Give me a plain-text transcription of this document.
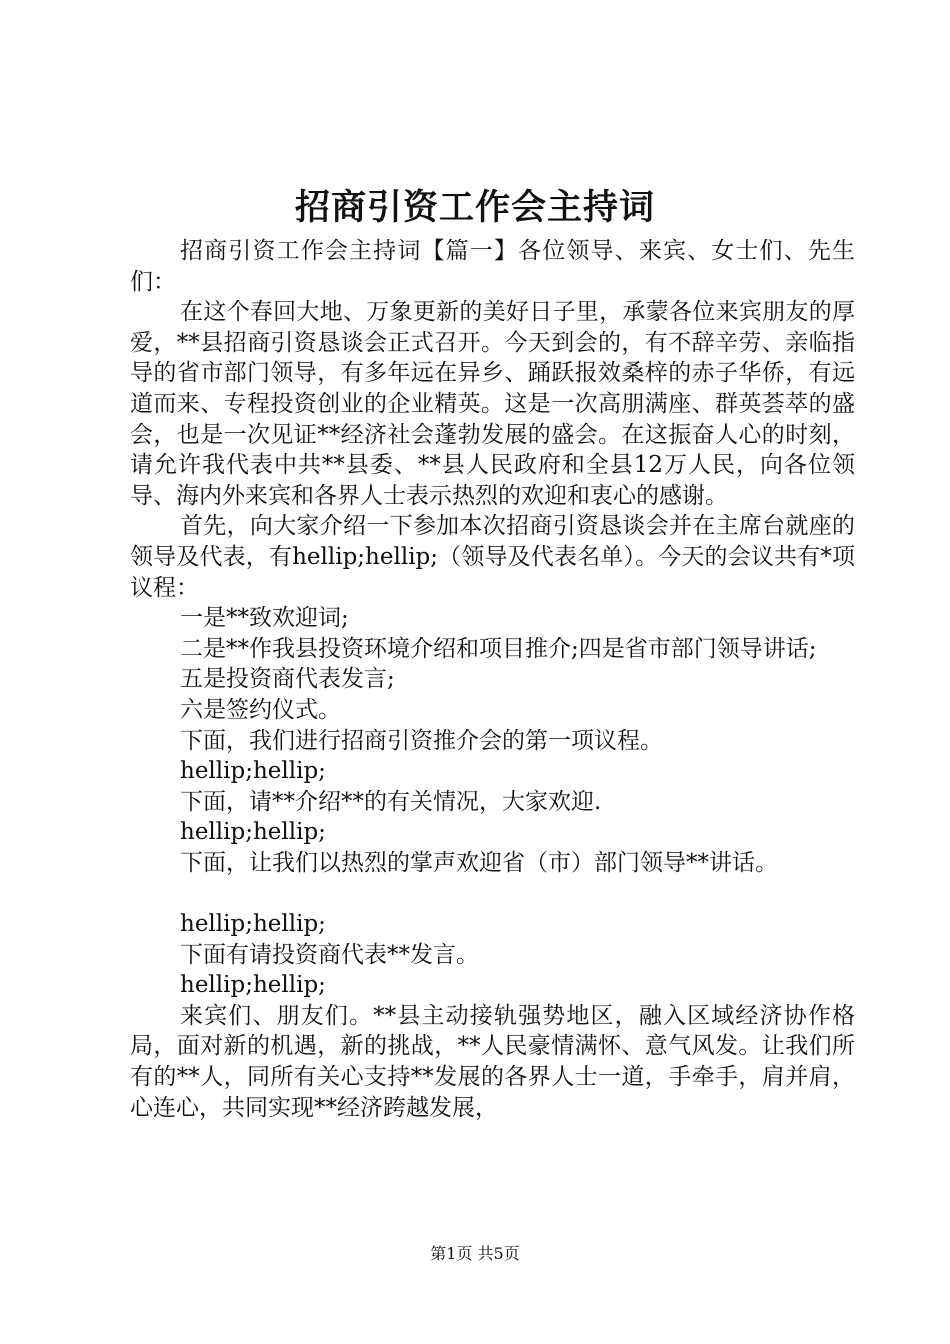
招商引资工作会主持词

招商引资工作会主持词【篇一】各位领导、来宾、女士们、先生们：

在这个春回大地、万象更新的美好日子里，承蒙各位来宾朋友的厚爱，**县招商引资恳谈会正式召开。今天到会的，有不辞辛劳、亲临指导的省市部门领导，有多年远在异乡、踊跃报效桑梓的赤子华侨，有远道而来、专程投资创业的企业精英。这是一次高朋满座、群英荟萃的盛会，也是一次见证**经济社会蓬勃发展的盛会。在这振奋人心的时刻，请允许我代表中共**县委、**县人民政府和全县12万人民，向各位领导、海内外来宾和各界人士表示热烈的欢迎和衷心的感谢。

首先，向大家介绍一下参加本次招商引资恳谈会并在主席台就座的领导及代表，有hellip;hellip;（领导及代表名单）。今天的会议共有*项议程：

一是**致欢迎词;

二是**作我县投资环境介绍和项目推介;四是省市部门领导讲话;

五是投资商代表发言;

六是签约仪式。

下面，我们进行招商引资推介会的第一项议程。

hellip;hellip;

下面，请**介绍**的有关情况，大家欢迎.

hellip;hellip;

下面，让我们以热烈的掌声欢迎省（市）部门领导**讲话。

hellip;hellip;

下面有请投资商代表**发言。

hellip;hellip;

来宾们、朋友们。**县主动接轨强势地区，融入区域经济协作格局，面对新的机遇，新的挑战，**人民豪情满怀、意气风发。让我们所有的**人，同所有关心支持**发展的各界人士一道，手牵手，肩并肩，心连心，共同实现**经济跨越发展，

第1页 共5页
